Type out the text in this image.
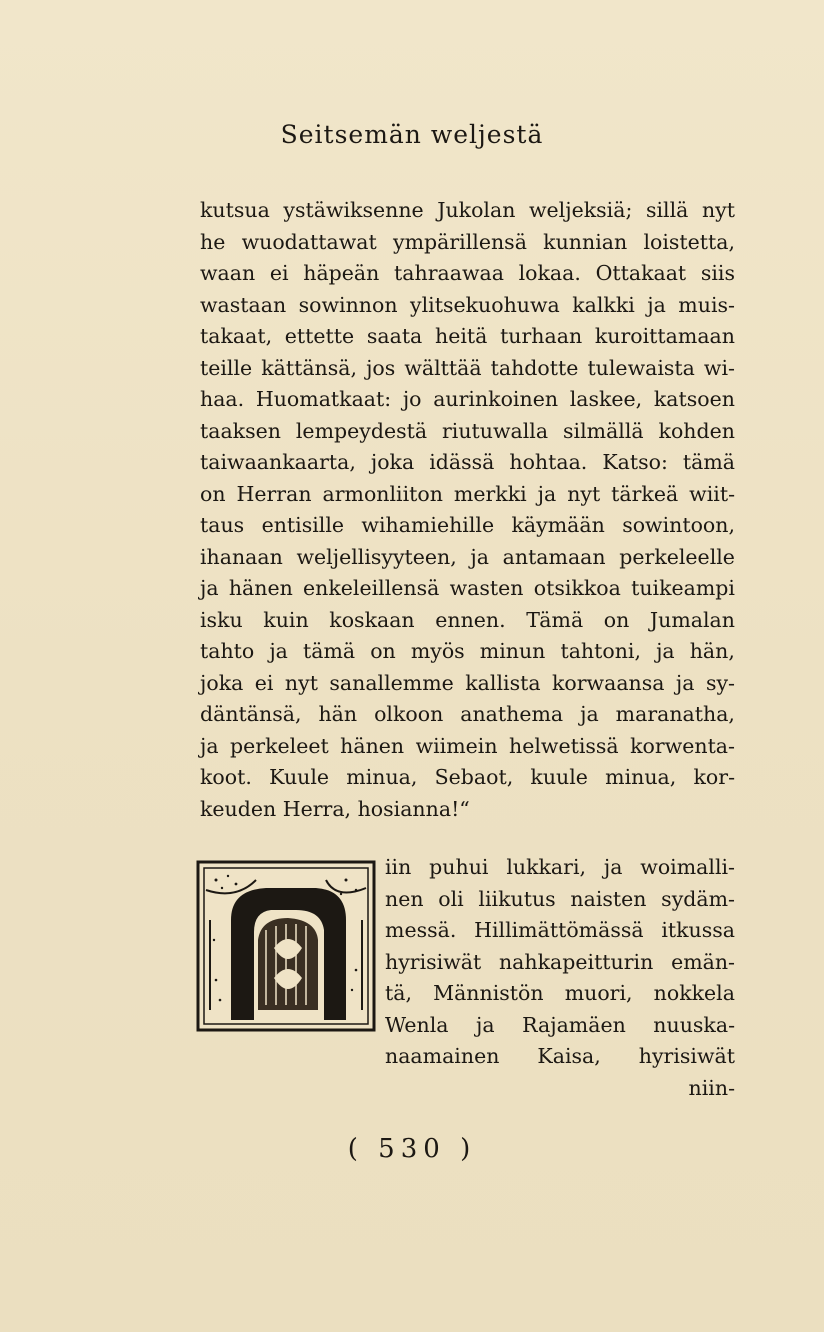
Seitsemän weljestä
kutsua ystäwiksenne Jukolan weljeksiä; sillä nyt
he wuodattawat ympärillensä kunnian loistetta,
waan ei häpeän tahraawaa lokaa. Ottakaat siis
wastaan sowinnon ylitsekuohuwa kalkki ja muis-
takaat, ettette saata heitä turhaan kuroittamaan
teille kättänsä, jos wälttää tahdotte tulewaista wi-
haa. Huomatkaat: jo aurinkoinen laskee, katsoen
taaksen lempeydestä riutuwalla silmällä kohden
taiwaankaarta, joka idässä hohtaa. Katso: tämä
on Herran armonliiton merkki ja nyt tärkeä wiit-
taus entisille wihamiehille käymään sowintoon,
ihanaan weljellisyyteen, ja antamaan perkeleelle
ja hänen enkeleillensä wasten otsikkoa tuikeampi
isku kuin koskaan ennen. Tämä on Jumalan
tahto ja tämä on myös minun tahtoni, ja hän,
joka ei nyt sanallemme kallista korwaansa ja sy-
däntänsä, hän olkoon anathema ja maranatha,
ja perkeleet hänen wiimein helwetissä korwenta-
koot. Kuule minua, Sebaot, kuule minua, kor-
keuden Herra, hosianna!“
iin puhui lukkari, ja woimalli-
nen oli liikutus naisten sydäm-
messä. Hillimättömässä itkussa
hyrisiwät nahkapeitturin emän-
tä, Männistön muori, nokkela
Wenla ja Rajamäen nuuska-
naamainen Kaisa, hyrisiwät
niin-
( 530 )
